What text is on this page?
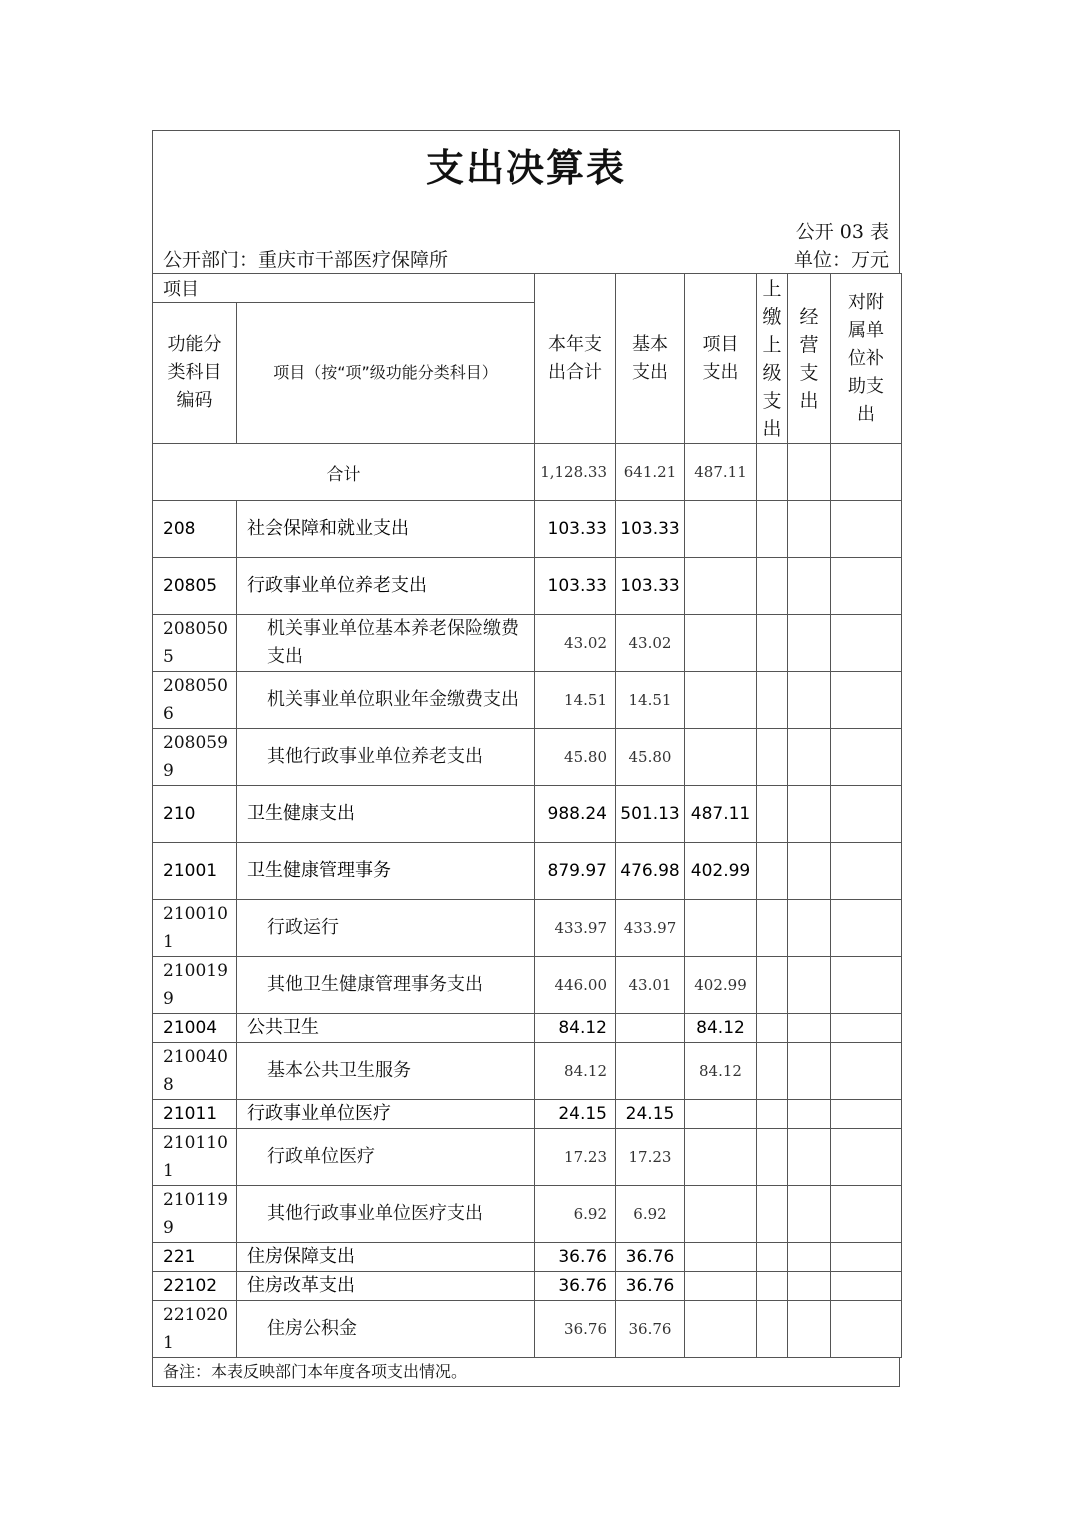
支出决算表
公开 03 表
公开部门：重庆市干部医疗保障所	单位：万元
项目		本年支出合计	基本支出	项目支出	上缴上级支出	经营支出	对附属单位补助支出

功能分类科目编码	项目（按“项”级功能分类科目）						
合计		1,128.33	641.21	487.11			
208	社会保障和就业支出	103.33	103.33				
20805	行政事业单位养老支出	103.33	103.33				
2080505	机关事业单位基本养老保险缴费支出	43.02	43.02				
2080506	机关事业单位职业年金缴费支出	14.51	14.51				
2080599	其他行政事业单位养老支出	45.80	45.80				
210	卫生健康支出	988.24	501.13	487.11			
21001	卫生健康管理事务	879.97	476.98	402.99			
2100101	行政运行	433.97	433.97				
2100199	其他卫生健康管理事务支出	446.00	43.01	402.99			
21004	公共卫生	84.12		84.12			
2100408	基本公共卫生服务	84.12		84.12			
21011	行政事业单位医疗	24.15	24.15				
2101101	行政单位医疗	17.23	17.23				
2101199	其他行政事业单位医疗支出	6.92	6.92				
221	住房保障支出	36.76	36.76				
22102	住房改革支出	36.76	36.76				
2210201	住房公积金	36.76	36.76				
备注：本表反映部门本年度各项支出情况。
